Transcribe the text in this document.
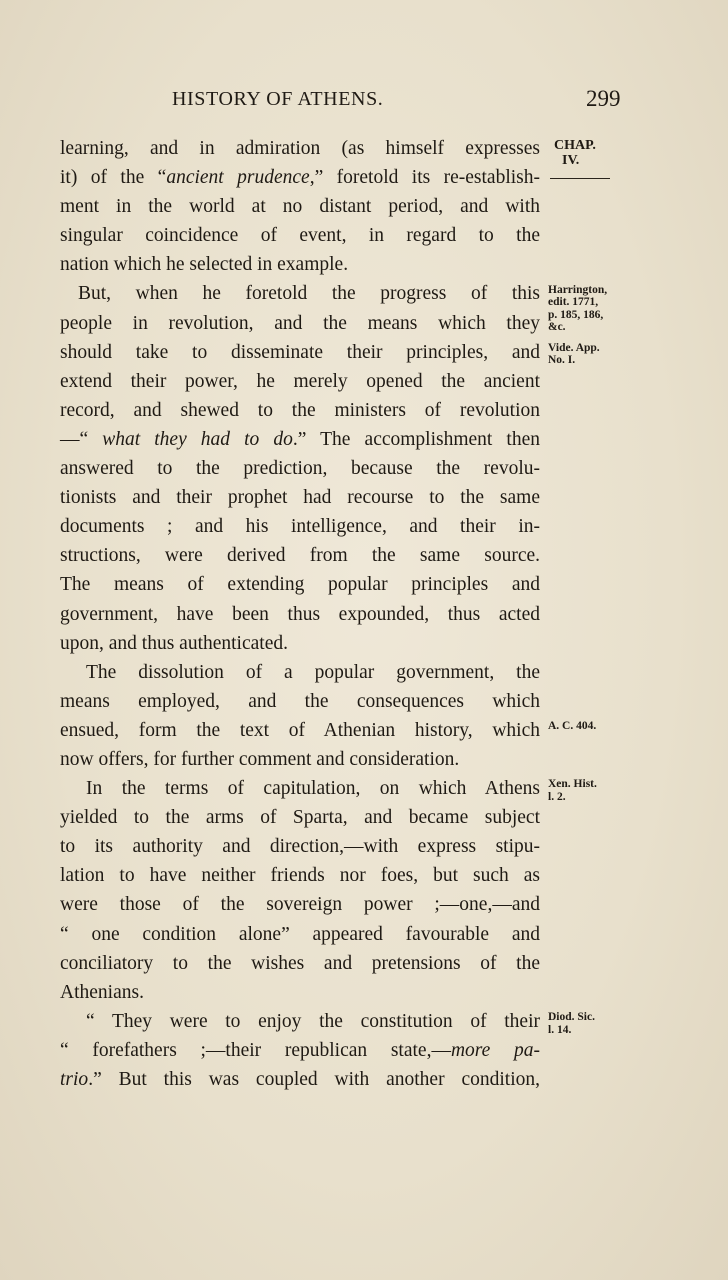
HISTORY OF ATHENS.	299
learning, and in admiration (as himself expresses
it) of the “ancient prudence,” foretold its re-establish-
ment in the world at no distant period, and with
singular coincidence of event, in regard to the
nation which he selected in example.
But, when he foretold the progress of this
people in revolution, and the means which they
should take to disseminate their principles, and
extend their power, he merely opened the ancient
record, and shewed to the ministers of revolution
—“ what they had to do.” The accomplishment then
answered to the prediction, because the revolu-
tionists and their prophet had recourse to the same
documents ; and his intelligence, and their in-
structions, were derived from the same source.
The means of extending popular principles and
government, have been thus expounded, thus acted
upon, and thus authenticated.
The dissolution of a popular government, the
means employed, and the consequences which
ensued, form the text of Athenian history, which
now offers, for further comment and consideration.
In the terms of capitulation, on which Athens
yielded to the arms of Sparta, and became subject
to its authority and direction,—with express stipu-
lation to have neither friends nor foes, but such as
were those of the sovereign power ;—one,—and
“ one condition alone” appeared favourable and
conciliatory to the wishes and pretensions of the
Athenians.
“ They were to enjoy the constitution of their
“ forefathers ;—their republican state,—more pa-
trio.” But this was coupled with another condition,
CHAP.
IV.
Harrington,
edit. 1771,
p. 185, 186,
&c.
Vide. App.
No. I.
A. C. 404.
Xen. Hist.
l. 2.
Diod. Sic.
l. 14.
